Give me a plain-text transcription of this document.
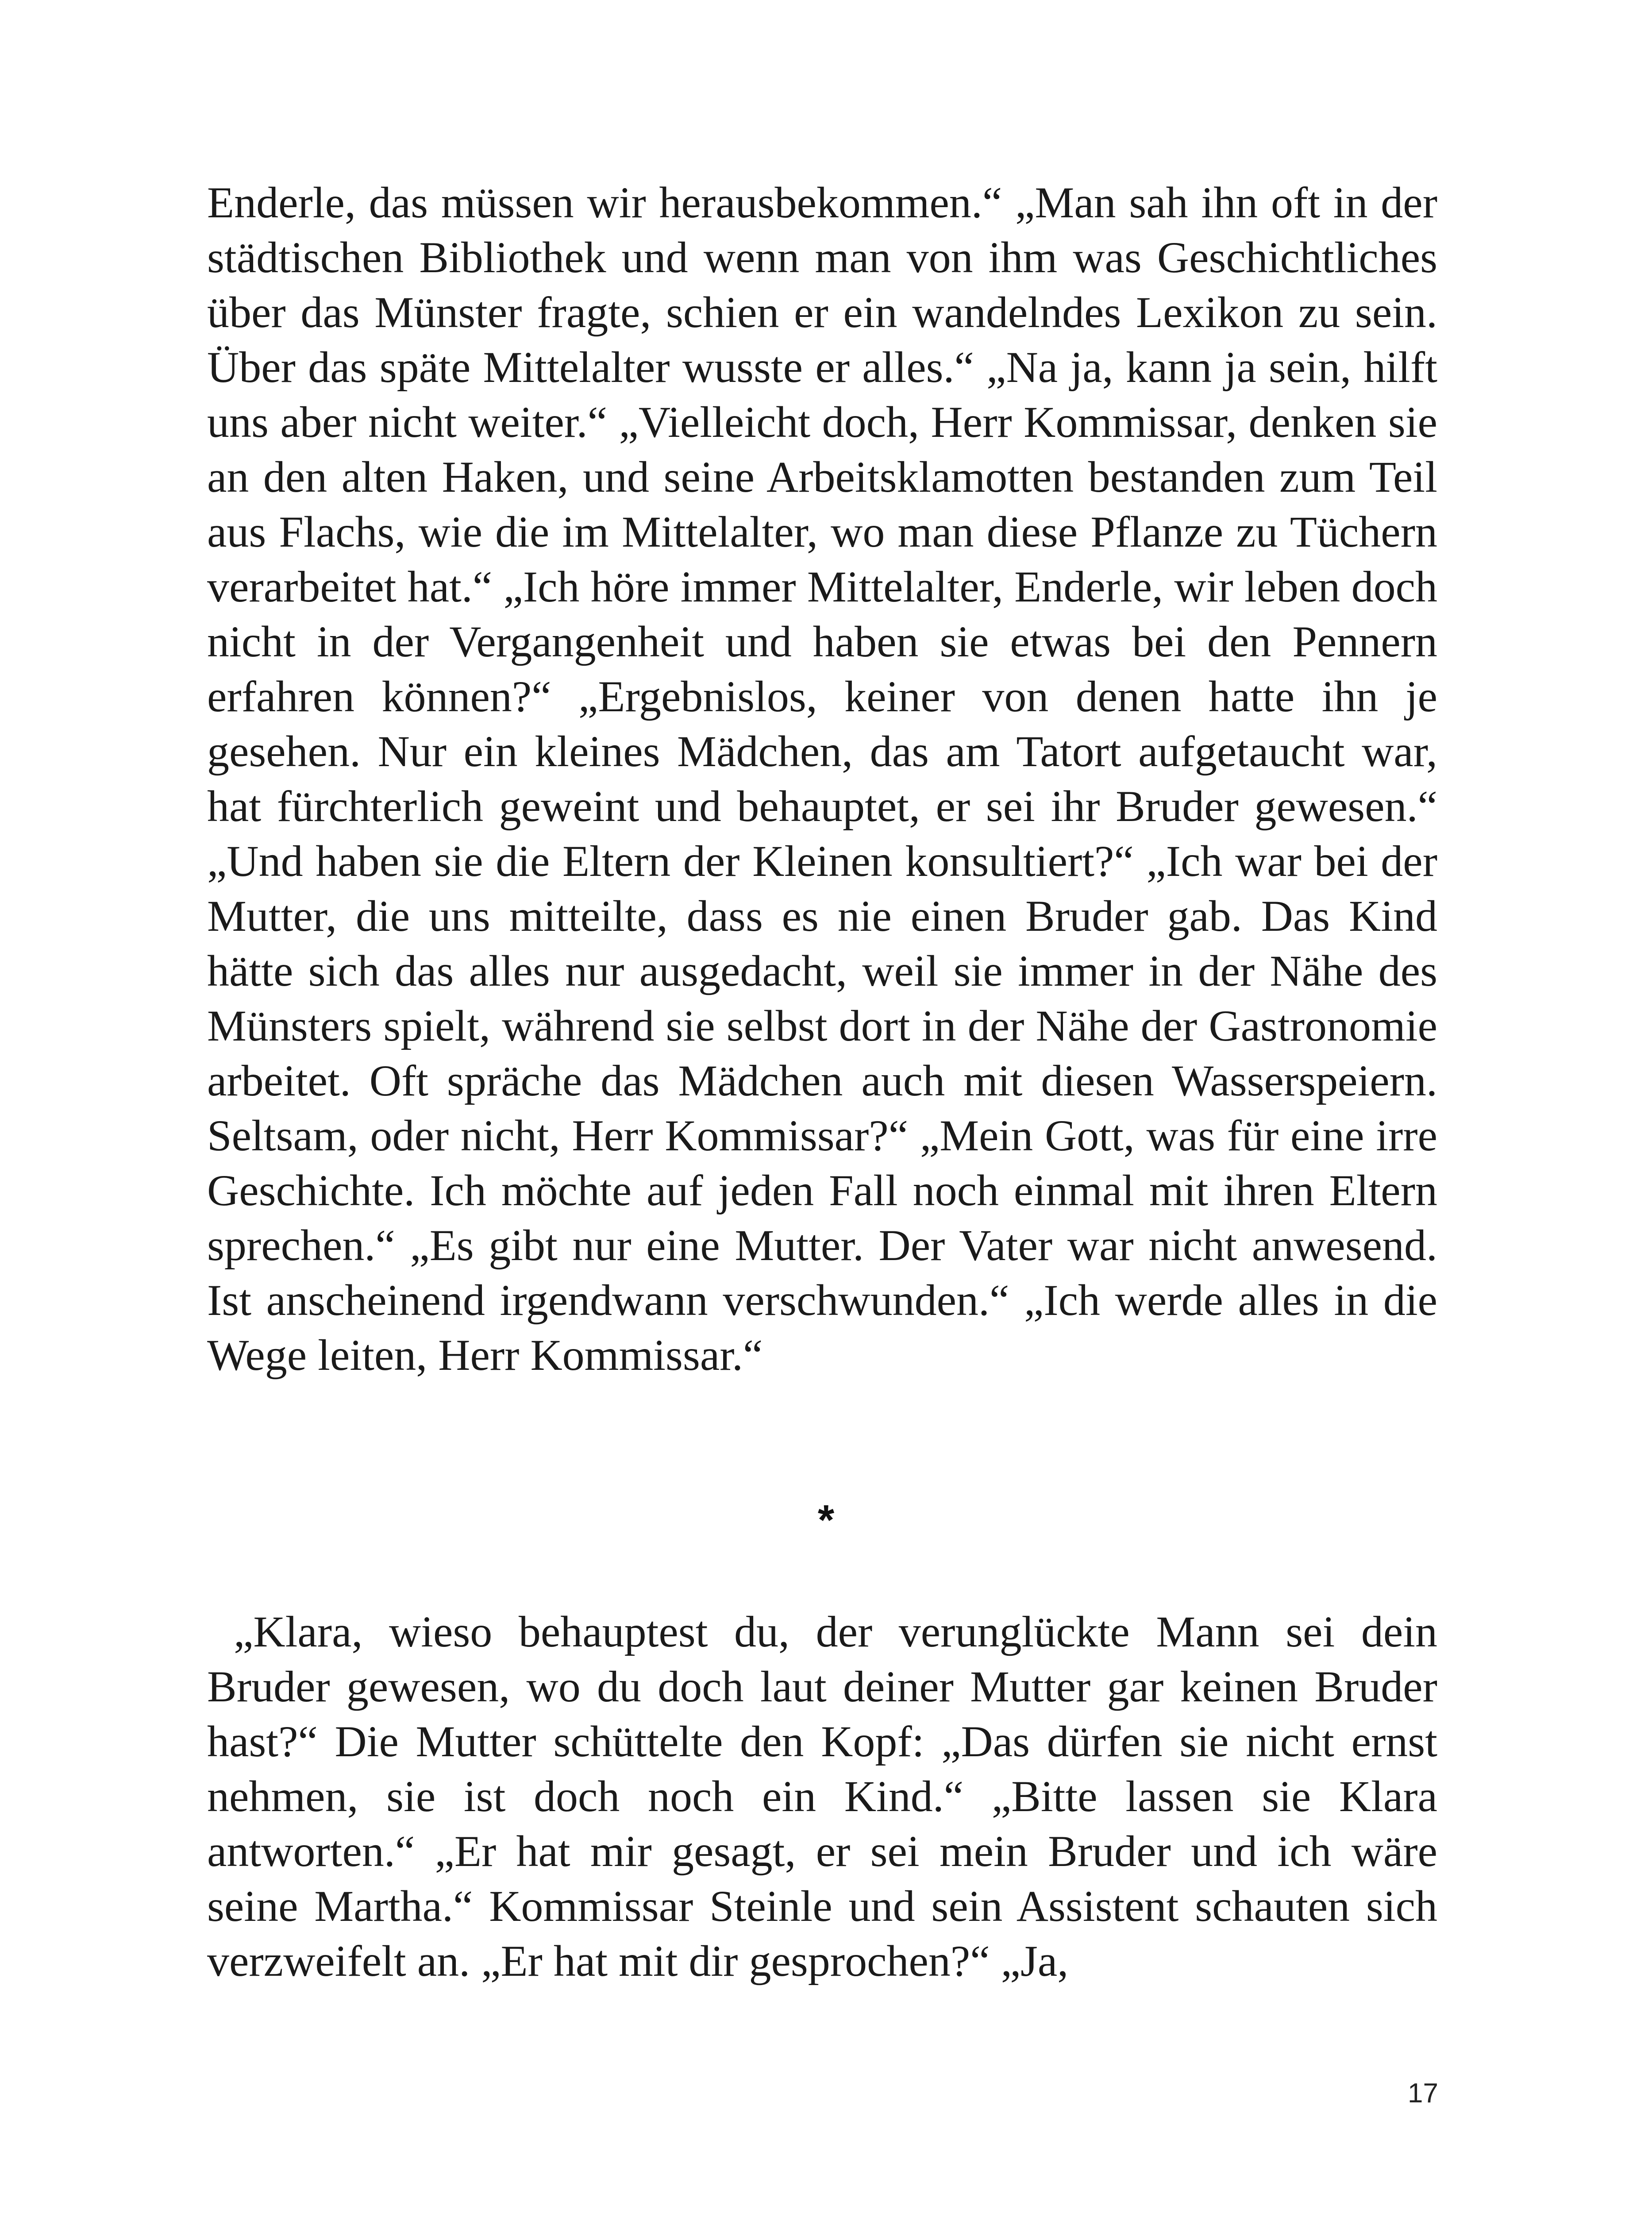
Enderle, das müssen wir herausbekommen.“ „Man sah ihn oft in der städtischen Bibliothek und wenn man von ihm was Geschichtliches über das Münster fragte, schien er ein wandelndes Lexikon zu sein. Über das späte Mittelalter wusste er alles.“ „Na ja, kann ja sein, hilft uns aber nicht weiter.“ „Vielleicht doch, Herr Kommissar, denken sie an den alten Haken, und seine Arbeitsklamotten bestanden zum Teil aus Flachs, wie die im Mittelalter, wo man diese Pflanze zu Tüchern verarbeitet hat.“ „Ich höre immer Mittelalter, Enderle, wir leben doch nicht in der Vergangenheit und haben sie etwas bei den Pennern erfahren können?“ „Ergebnislos, keiner von denen hatte ihn je gesehen. Nur ein kleines Mädchen, das am Tatort aufgetaucht war, hat fürchterlich geweint und behauptet, er sei ihr Bruder gewesen.“ „Und haben sie die Eltern der Kleinen konsultiert?“ „Ich war bei der Mutter, die uns mitteilte, dass es nie einen Bruder gab. Das Kind hätte sich das alles nur ausgedacht, weil sie immer in der Nähe des Münsters spielt, während sie selbst dort in der Nähe der Gastronomie arbeitet. Oft spräche das Mädchen auch mit diesen Wasserspeiern. Seltsam, oder nicht, Herr Kommissar?“ „Mein Gott, was für eine irre Geschichte. Ich möchte auf jeden Fall noch einmal mit ihren Eltern sprechen.“ „Es gibt nur eine Mutter. Der Vater war nicht anwesend. Ist anscheinend irgendwann verschwunden.“ „Ich werde alles in die Wege leiten, Herr Kommissar.“

*

„Klara, wieso behauptest du, der verunglückte Mann sei dein Bruder gewesen, wo du doch laut deiner Mutter gar keinen Bruder hast?“ Die Mutter schüttelte den Kopf: „Das dürfen sie nicht ernst nehmen, sie ist doch noch ein Kind.“ „Bitte lassen sie Klara antworten.“ „Er hat mir gesagt, er sei mein Bruder und ich wäre seine Martha.“ Kommissar Steinle und sein Assistent schauten sich verzweifelt an. „Er hat mit dir gesprochen?“ „Ja,

17
